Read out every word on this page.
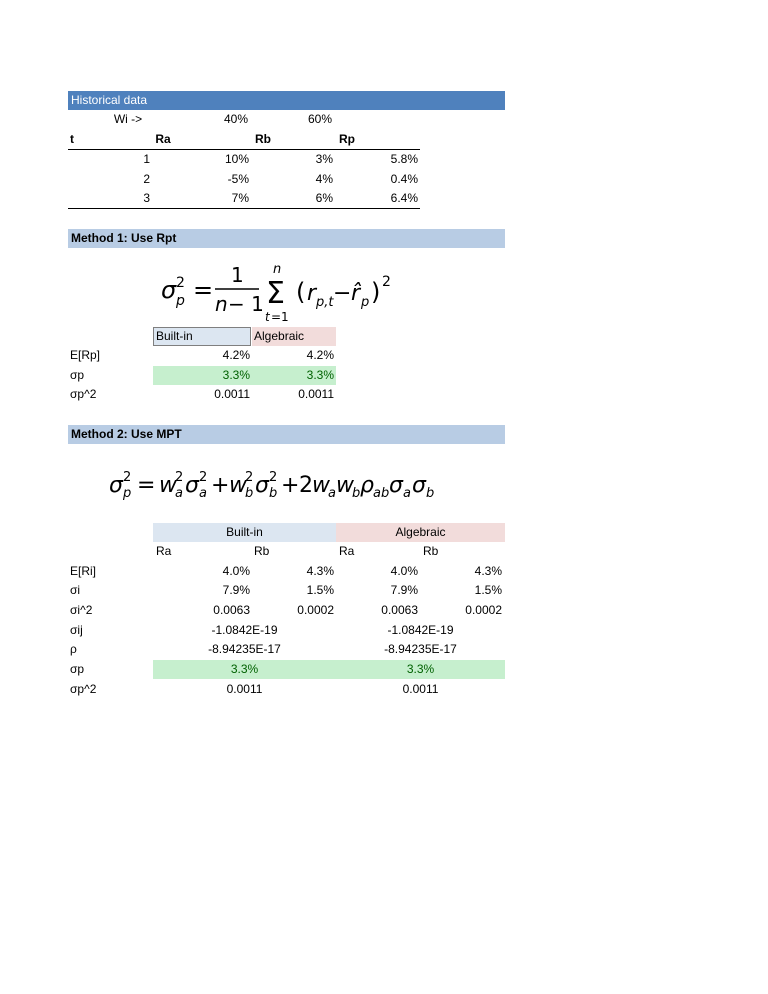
Historical data
Wi ->	40%	60%
t	Ra	Rb	Rp
1	10%	3%	5.8%
2	-5%	4%	0.4%
3	7%	6%	6.4%
Method 1: Use Rpt
σ 2
p =
1
n − 1 Σ
n
t =1
( r p,t − r̂ p ) 2
Built-in	Algebraic
E[Rp]	4.2%	4.2%
σp	3.3%	3.3%
σp^2	0.0011	0.0011
Method 2: Use MPT
σ 2
p = w
2
a σ 2
a + w
2
b σ 2
b + 2 w
a w
b ρ ab σ a σ b
Built-in	Algebraic
Ra	Rb	Ra	Rb
E[Ri]	4.0%	4.3%	4.0%	4.3%
σi	7.9%	1.5%	7.9%	1.5%
σi^2	0.0063	0.0002	0.0063	0.0002
σij	-1.0842E-19	-1.0842E-19
ρ	-8.94235E-17	-8.94235E-17
σp	3.3%	3.3%
σp^2	0.0011	0.0011
